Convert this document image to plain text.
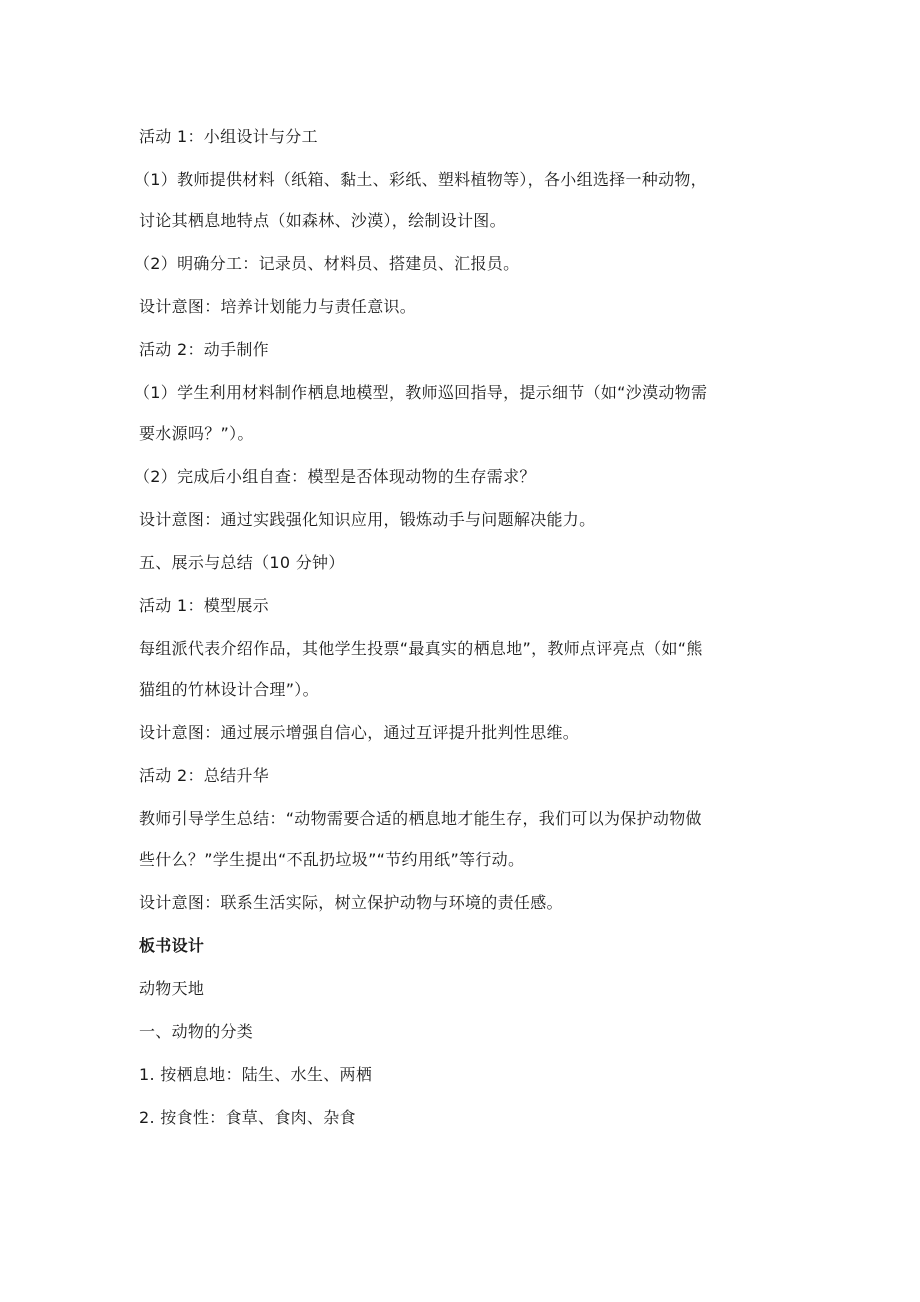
活动 1：小组设计与分工
（1）教师提供材料（纸箱、黏土、彩纸、塑料植物等），各小组选择一种动物，
讨论其栖息地特点（如森林、沙漠），绘制设计图。
（2）明确分工：记录员、材料员、搭建员、汇报员。
设计意图：培养计划能力与责任意识。
活动 2：动手制作
（1）学生利用材料制作栖息地模型，教师巡回指导，提示细节（如“沙漠动物需
要水源吗？”）。
（2）完成后小组自查：模型是否体现动物的生存需求？
设计意图：通过实践强化知识应用，锻炼动手与问题解决能力。
五、展示与总结（10 分钟）
活动 1：模型展示
每组派代表介绍作品，其他学生投票“最真实的栖息地”，教师点评亮点（如“熊
猫组的竹林设计合理”）。
设计意图：通过展示增强自信心，通过互评提升批判性思维。
活动 2：总结升华
教师引导学生总结：“动物需要合适的栖息地才能生存，我们可以为保护动物做
些什么？”学生提出“不乱扔垃圾”“节约用纸”等行动。
设计意图：联系生活实际，树立保护动物与环境的责任感。
板书设计
动物天地
一、动物的分类
1. 按栖息地：陆生、水生、两栖
2. 按食性：食草、食肉、杂食
